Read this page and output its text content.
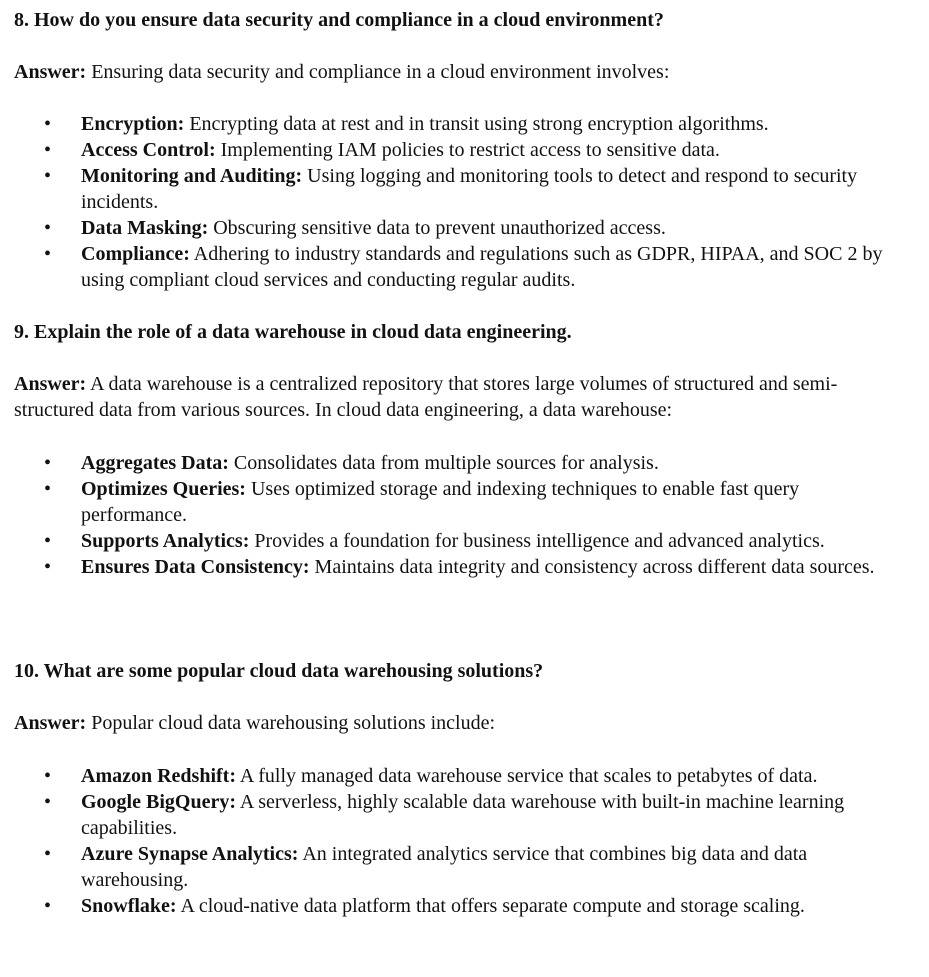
8. How do you ensure data security and compliance in a cloud environment?
Answer: Ensuring data security and compliance in a cloud environment involves:
• Encryption: Encrypting data at rest and in transit using strong encryption algorithms.
• Access Control: Implementing IAM policies to restrict access to sensitive data.
• Monitoring and Auditing: Using logging and monitoring tools to detect and respond to security incidents.
• Data Masking: Obscuring sensitive data to prevent unauthorized access.
• Compliance: Adhering to industry standards and regulations such as GDPR, HIPAA, and SOC 2 by using compliant cloud services and conducting regular audits.
9. Explain the role of a data warehouse in cloud data engineering.
Answer: A data warehouse is a centralized repository that stores large volumes of structured and semi-structured data from various sources. In cloud data engineering, a data warehouse:
• Aggregates Data: Consolidates data from multiple sources for analysis.
• Optimizes Queries: Uses optimized storage and indexing techniques to enable fast query performance.
• Supports Analytics: Provides a foundation for business intelligence and advanced analytics.
• Ensures Data Consistency: Maintains data integrity and consistency across different data sources.
10. What are some popular cloud data warehousing solutions?
Answer: Popular cloud data warehousing solutions include:
• Amazon Redshift: A fully managed data warehouse service that scales to petabytes of data.
• Google BigQuery: A serverless, highly scalable data warehouse with built-in machine learning capabilities.
• Azure Synapse Analytics: An integrated analytics service that combines big data and data warehousing.
• Snowflake: A cloud-native data platform that offers separate compute and storage scaling.
